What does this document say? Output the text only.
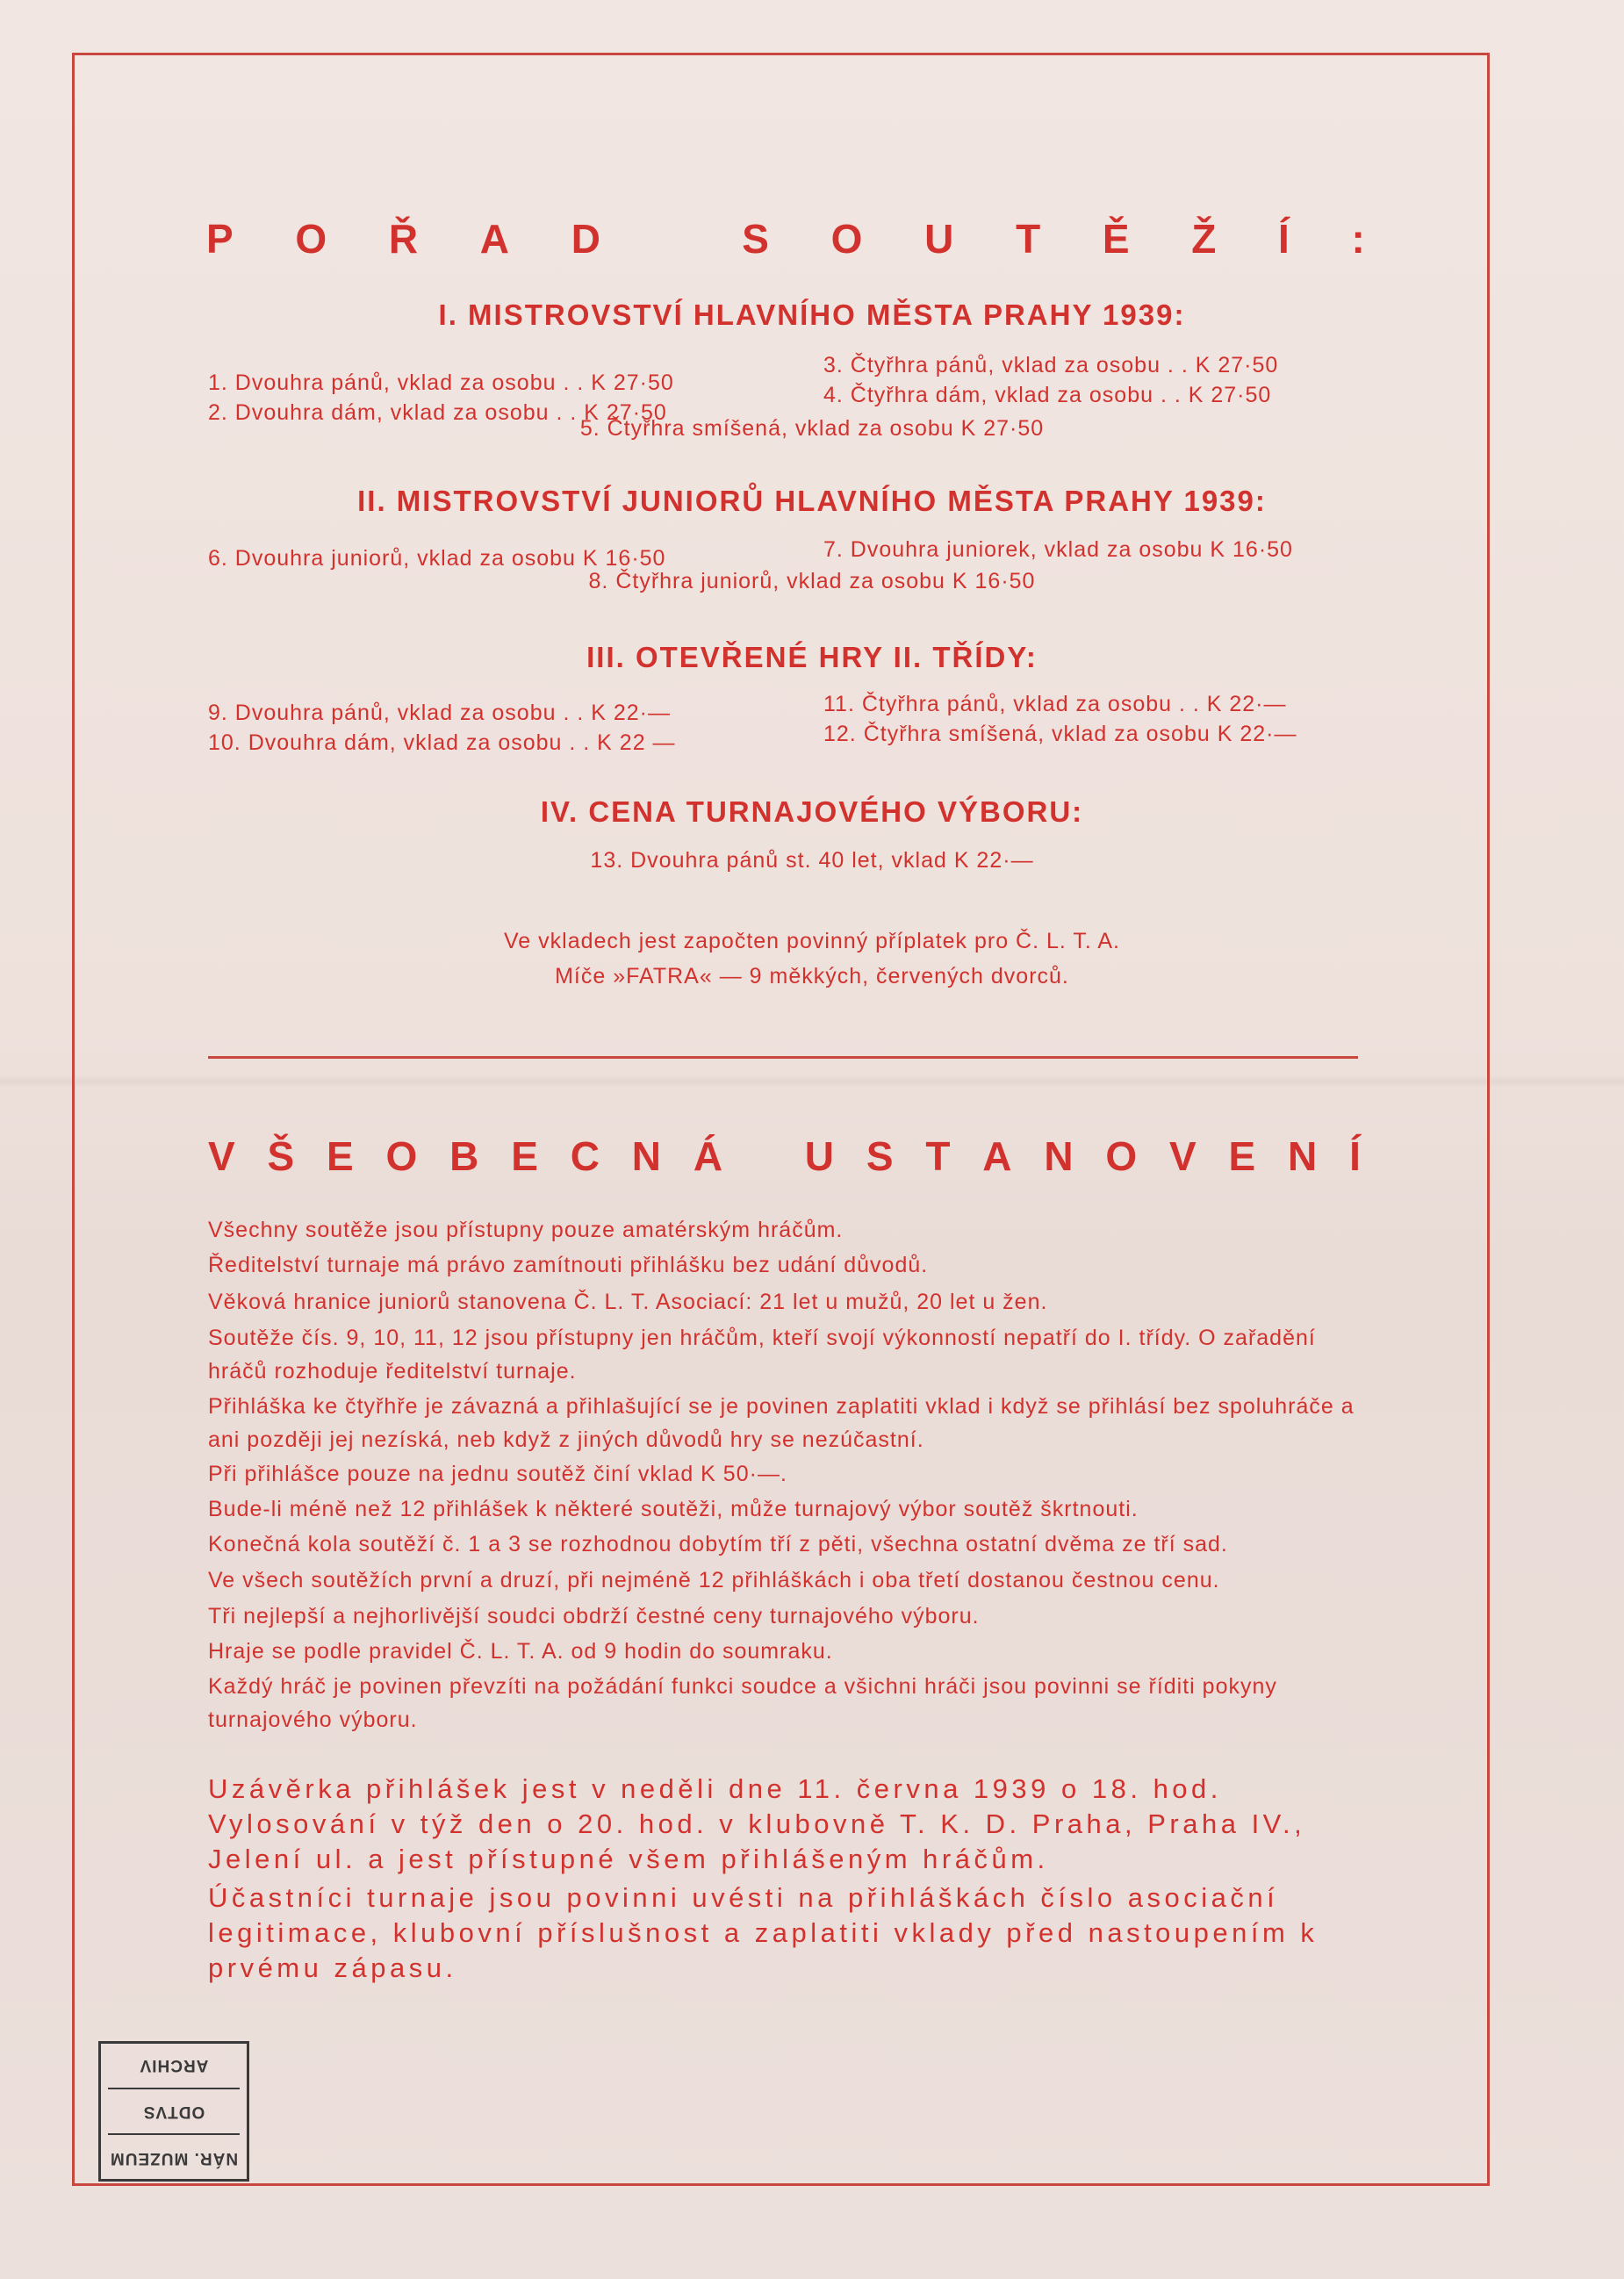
P O Ř A D	S O U T Ě Ž Í :
I. MISTROVSTVÍ HLAVNÍHO MĚSTA PRAHY 1939:

1. Dvouhra pánů, vklad za osobu . . K 27·50

2. Dvouhra dám, vklad za osobu . . K 27·50

3. Čtyřhra pánů, vklad za osobu . . K 27·50

4. Čtyřhra dám, vklad za osobu . . K 27·50

5. Čtyřhra smíšená, vklad za osobu K 27·50

II. MISTROVSTVÍ JUNIORŮ HLAVNÍHO MĚSTA PRAHY 1939:

6. Dvouhra juniorů, vklad za osobu K 16·50	7. Dvouhra juniorek, vklad za osobu K 16·50

8. Čtyřhra juniorů, vklad za osobu K 16·50

III. OTEVŘENÉ HRY II. TŘÍDY:

9. Dvouhra pánů, vklad za osobu . . K 22·—

10. Dvouhra dám, vklad za osobu . . K 22 —

11. Čtyřhra pánů, vklad za osobu . . K 22·—

12. Čtyřhra smíšená, vklad za osobu K 22·—

IV. CENA TURNAJOVÉHO VÝBORU:

13. Dvouhra pánů st. 40 let, vklad K 22·—

Ve vkladech jest započten povinný příplatek pro Č. L. T. A.

Míče »FATRA« — 9 měkkých, červených dvorců.

V Š E O B E C N Á U S T A N O V E N Í

Všechny soutěže jsou přístupny pouze amatérským hráčům.

Ředitelství turnaje má právo zamítnouti přihlášku bez udání důvodů.

Věková hranice juniorů stanovena Č. L. T. Asociací: 21 let u mužů, 20 let u žen.

Soutěže čís. 9, 10, 11, 12 jsou přístupny jen hráčům, kteří svojí výkonností nepatří do I. třídy. O zařadění hráčů rozhoduje ředitelství turnaje.

Přihláška ke čtyřhře je závazná a přihlašující se je povinen zaplatiti vklad i když se přihlásí bez spoluhráče a ani později jej nezíská, neb když z jiných důvodů hry se nezúčastní.

Při přihlášce pouze na jednu soutěž činí vklad K 50·—.

Bude-li méně než 12 přihlášek k některé soutěži, může turnajový výbor soutěž škrtnouti.

Konečná kola soutěží č. 1 a 3 se rozhodnou dobytím tří z pěti, všechna ostatní dvěma ze tří sad.

Ve všech soutěžích první a druzí, při nejméně 12 přihláškách i oba třetí dostanou čestnou cenu.

Tři nejlepší a nejhorlivější soudci obdrží čestné ceny turnajového výboru.

Hraje se podle pravidel Č. L. T. A. od 9 hodin do soumraku.

Každý hráč je povinen převzíti na požádání funkci soudce a všichni hráči jsou povinni se říditi pokyny turnajového výboru.

Uzávěrka přihlášek jest v neděli dne 11. června 1939 o 18. hod. Vylosování v týž den o 20. hod. v klubovně T. K. D. Praha, Praha IV., Jelení ul. a jest přístupné všem přihlášeným hráčům.

Účastníci turnaje jsou povinni uvésti na přihláškách číslo asociační legitimace, klubovní příslušnost a zaplatiti vklady před nastoupením k prvému zápasu.

NÁR. MUZEUM
ODTVS
ARCHIV
